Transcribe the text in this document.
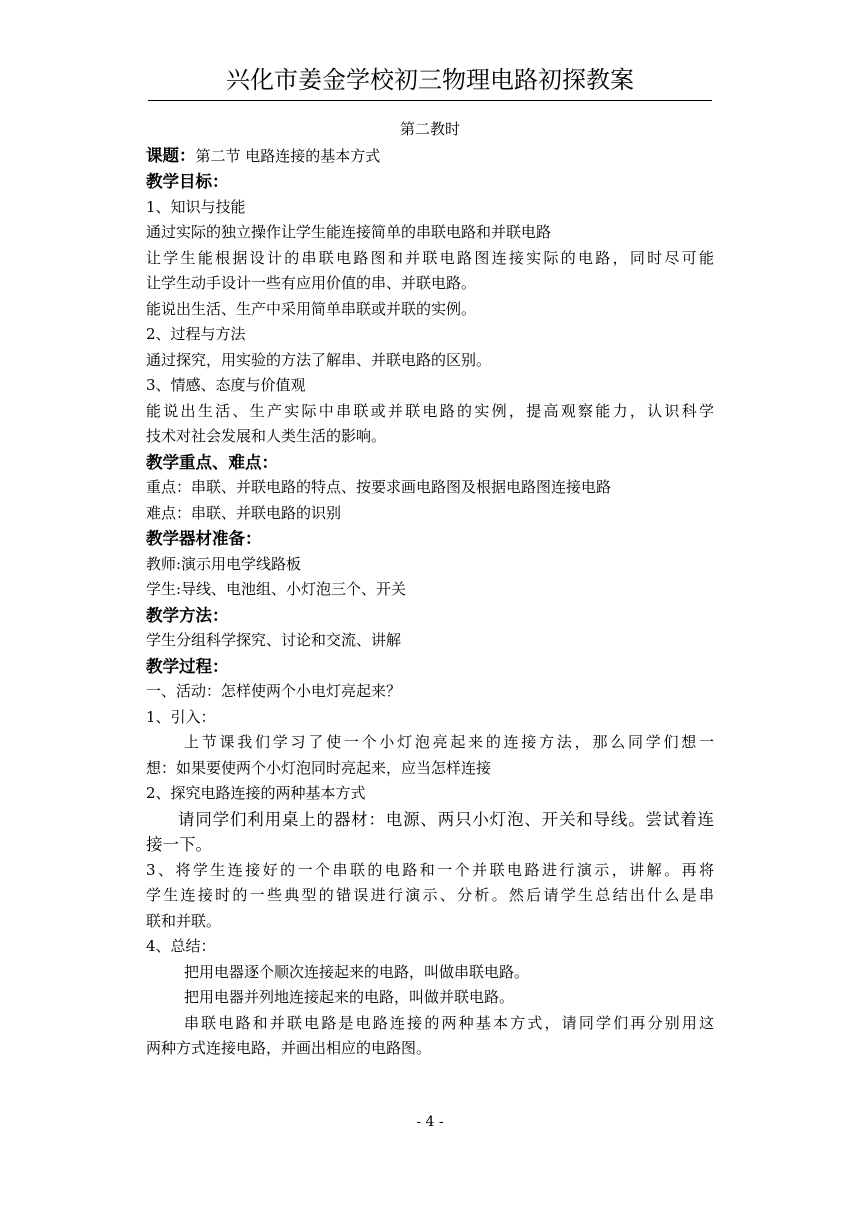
兴化市姜金学校初三物理电路初探教案
第二教时
课题：第二节 电路连接的基本方式
教学目标：
1、知识与技能
通过实际的独立操作让学生能连接简单的串联电路和并联电路
让学生能根据设计的串联电路图和并联电路图连接实际的电路，同时尽可能
让学生动手设计一些有应用价值的串、并联电路。
能说出生活、生产中采用简单串联或并联的实例。
2、过程与方法
通过探究，用实验的方法了解串、并联电路的区别。
3、情感、态度与价值观
能说出生活、生产实际中串联或并联电路的实例，提高观察能力，认识科学
技术对社会发展和人类生活的影响。
教学重点、难点：
重点：串联、并联电路的特点、按要求画电路图及根据电路图连接电路
难点：串联、并联电路的识别
教学器材准备：
教师:演示用电学线路板
学生:导线、电池组、小灯泡三个、开关
教学方法：
学生分组科学探究、讨论和交流、讲解
教学过程：
一、活动：怎样使两个小电灯亮起来？
1、引入：
上节课我们学习了使一个小灯泡亮起来的连接方法，那么同学们想一
想：如果要使两个小灯泡同时亮起来，应当怎样连接
2、探究电路连接的两种基本方式
请同学们利用桌上的器材：电源、两只小灯泡、开关和导线。尝试着连
接一下。
3、将学生连接好的一个串联的电路和一个并联电路进行演示，讲解。再将
学生连接时的一些典型的错误进行演示、分析。然后请学生总结出什么是串
联和并联。
4、总结：
把用电器逐个顺次连接起来的电路，叫做串联电路。
把用电器并列地连接起来的电路，叫做并联电路。
串联电路和并联电路是电路连接的两种基本方式，请同学们再分别用这
两种方式连接电路，并画出相应的电路图。
- 4 -
